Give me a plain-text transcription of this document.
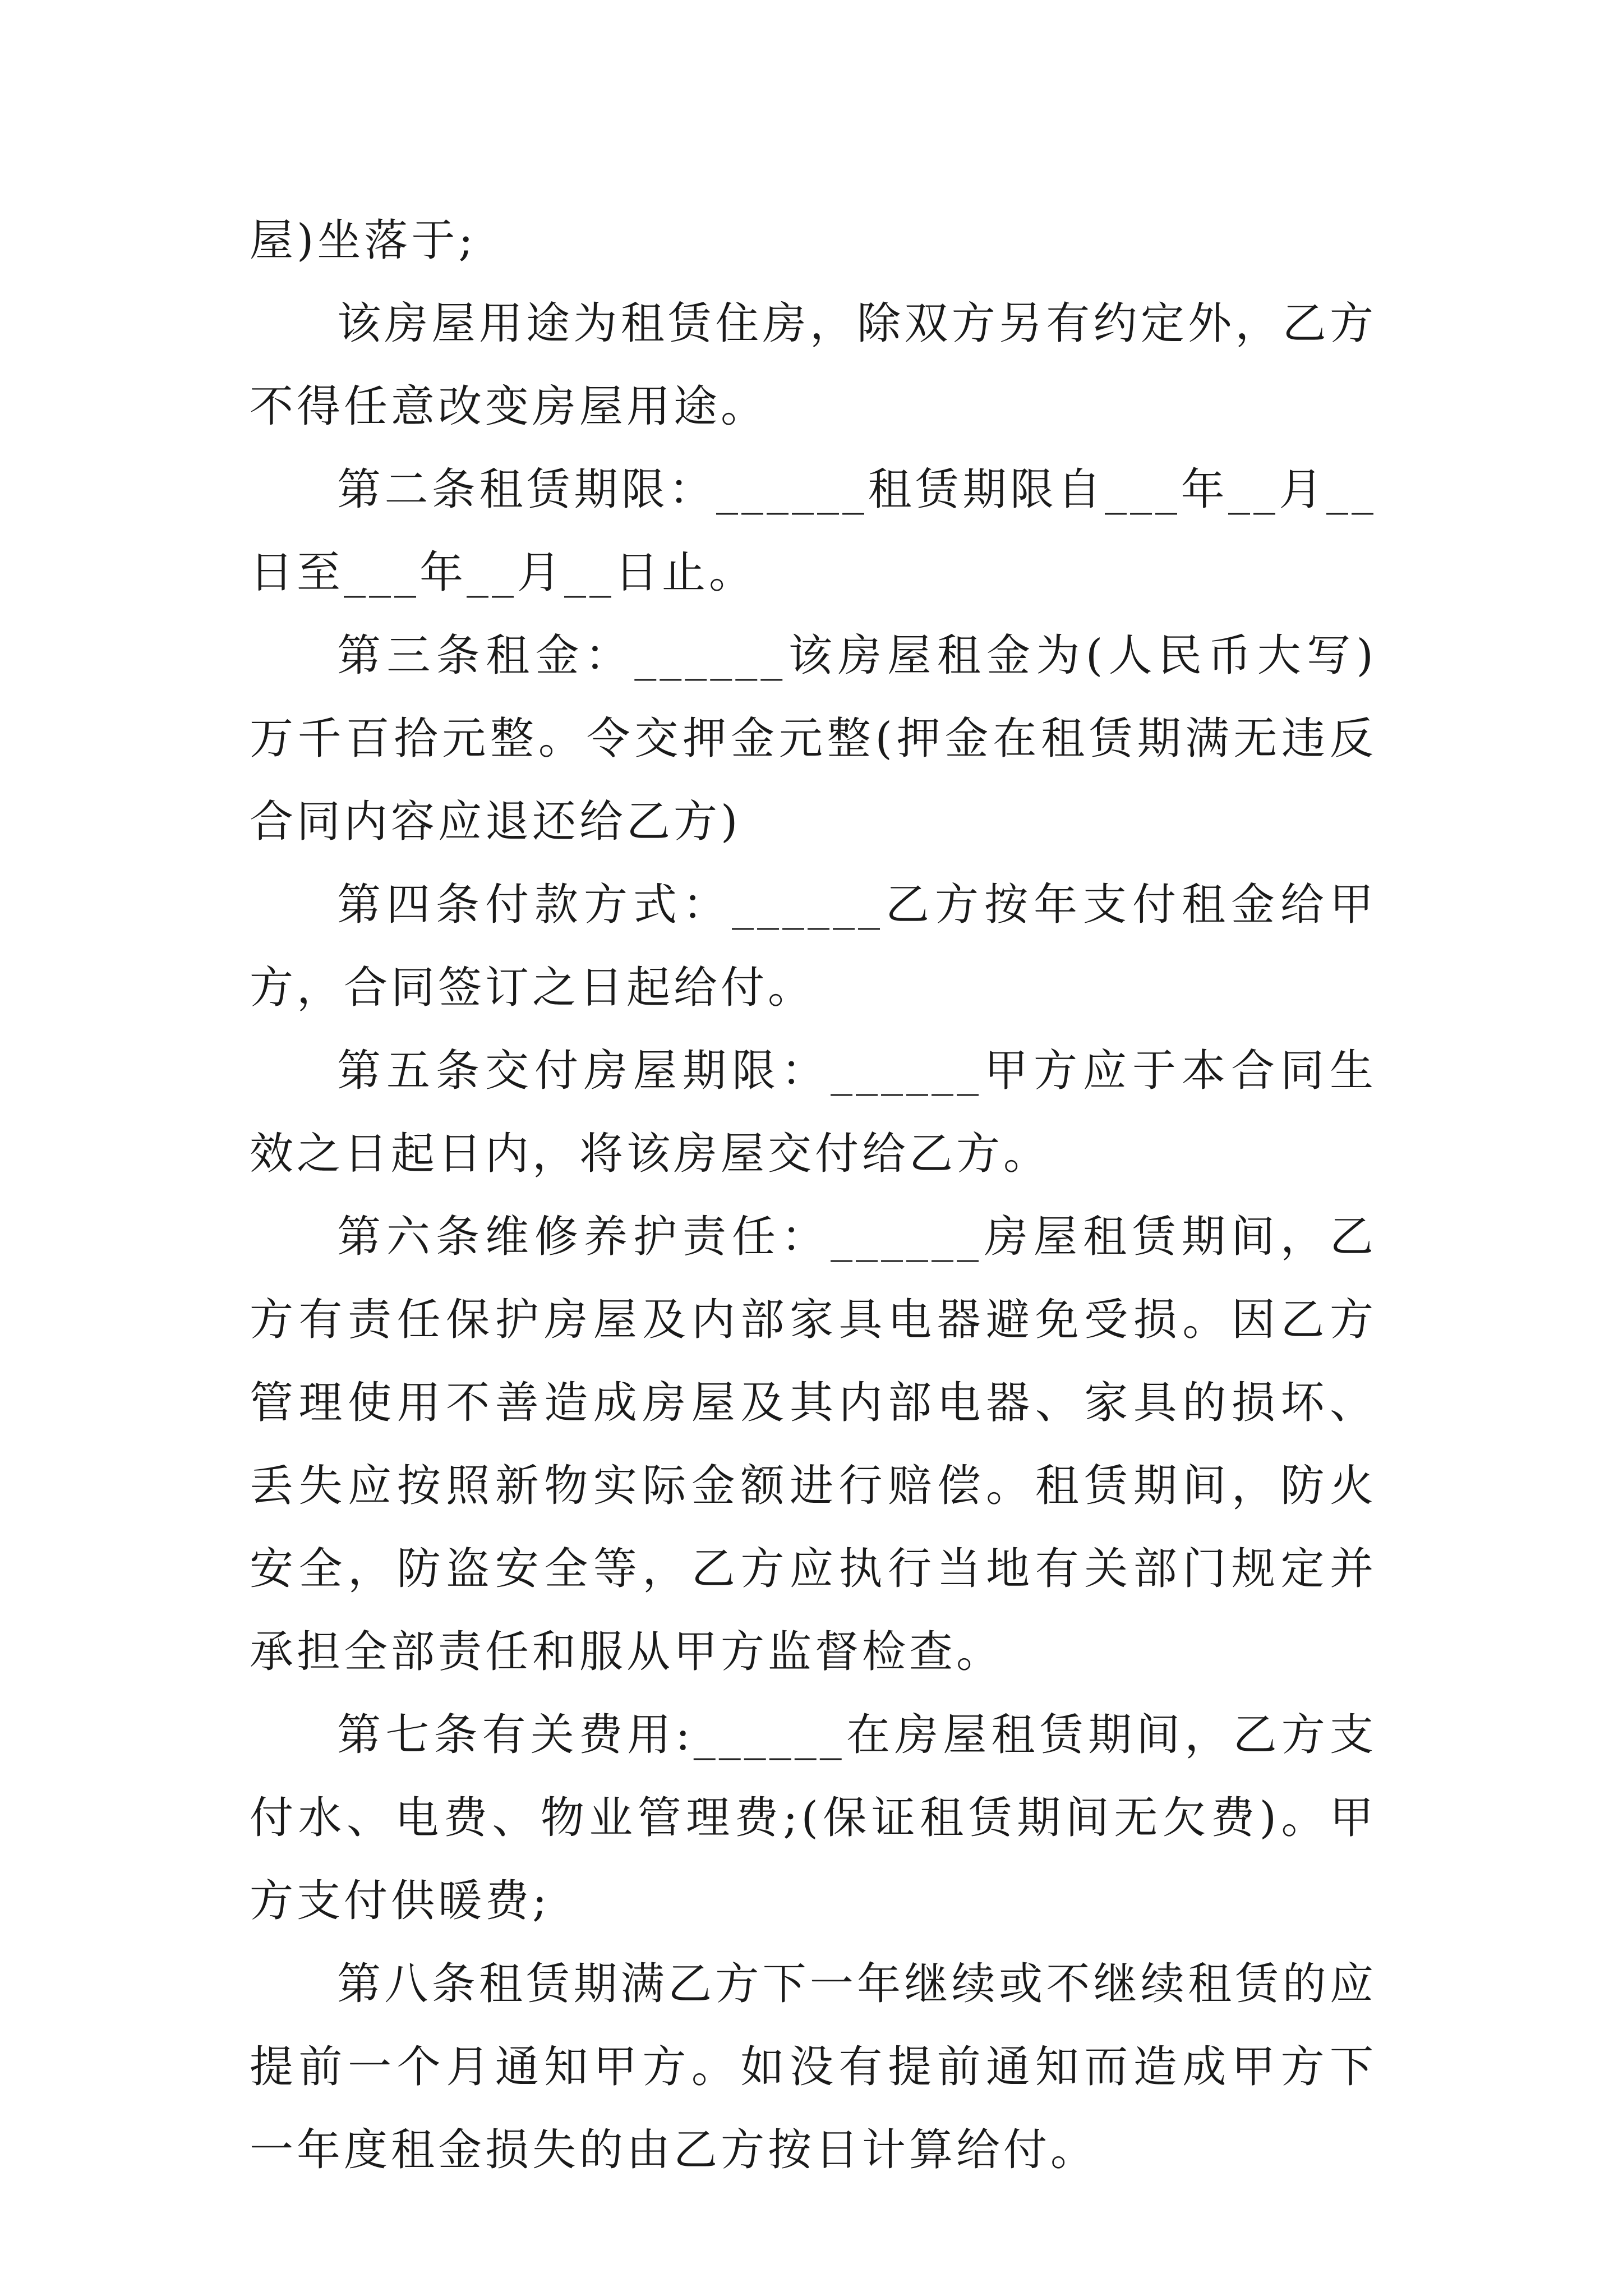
屋)坐落于;

该房屋用途为租赁住房，除双方另有约定外，乙方不得任意改变房屋用途。

第二条租赁期限：______租赁期限自___年__月__日至___年__月__日止。

第三条租金：______该房屋租金为(人民币大写)万千百拾元整。令交押金元整(押金在租赁期满无违反合同内容应退还给乙方)

第四条付款方式：______乙方按年支付租金给甲方，合同签订之日起给付。

第五条交付房屋期限：______甲方应于本合同生效之日起日内，将该房屋交付给乙方。

第六条维修养护责任：______房屋租赁期间，乙方有责任保护房屋及内部家具电器避免受损。因乙方管理使用不善造成房屋及其内部电器、家具的损坏、丢失应按照新物实际金额进行赔偿。租赁期间，防火安全，防盗安全等，乙方应执行当地有关部门规定并承担全部责任和服从甲方监督检查。

第七条有关费用:______在房屋租赁期间，乙方支付水、电费、物业管理费;(保证租赁期间无欠费)。甲方支付供暖费;

第八条租赁期满乙方下一年继续或不继续租赁的应提前一个月通知甲方。如没有提前通知而造成甲方下一年度租金损失的由乙方按日计算给付。
